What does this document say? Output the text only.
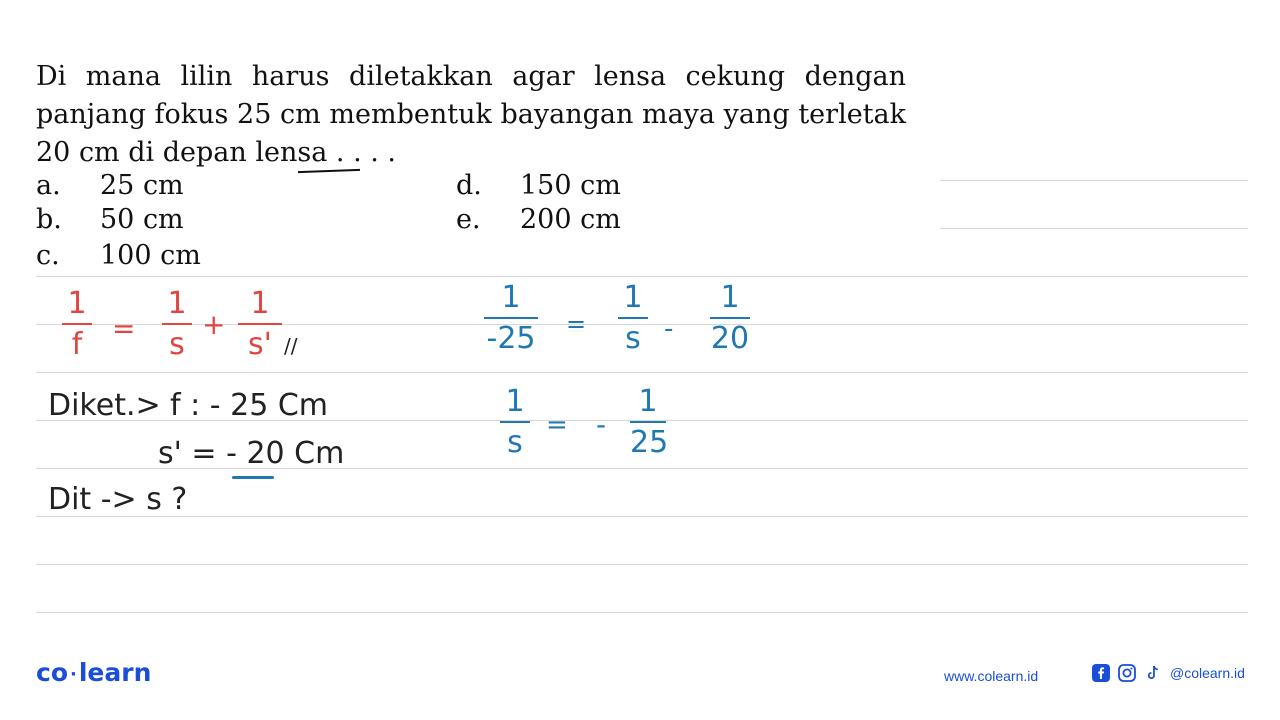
Di mana lilin harus diletakkan agar lensa cekung dengan panjang fokus 25 cm membentuk bayangan maya yang terletak 20 cm di depan lensa . . . .
a. 25 cm
b. 50 cm
c. 100 cm
d. 150 cm
e. 200 cm
1
f	=
1
s
+
1
s' //
Diket.> f : - 25 Cm
s' = - 20 Cm
Dit -> s ?
1
-25 =
1
s -
1
20
1
s = -
1
25
co ·learn	www.colearn.id	@colearn.id
